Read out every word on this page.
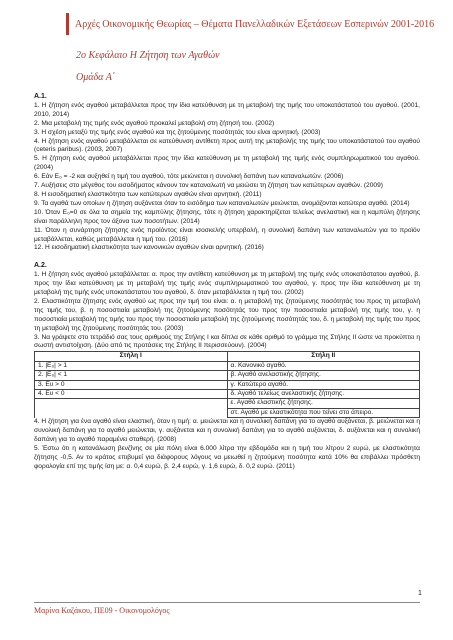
Αρχές Οικονομικής Θεωρίας – Θέματα Πανελλαδικών Εξετάσεων Εσπερινών 2001-2016
2ο Κεφάλαιο Η Ζήτηση των Αγαθών
Ομάδα Α΄

Α.1.

1. Η ζήτηση ενός αγαθού μεταβάλλεται προς την ίδια κατεύθυνση με τη μεταβολή της τιμής του υποκατάστατού του αγαθού. (2001, 2010, 2014)

2. Μια μεταβολή της τιμής ενός αγαθού προκαλεί μεταβολή στη ζήτησή του. (2002)

3. Η σχέση μεταξύ της τιμής ενός αγαθού και της ζητούμενης ποσότητάς του είναι αρνητική. (2003)

4. Η ζήτηση ενός αγαθού μεταβάλλεται σε κατεύθυνση αντίθετη προς αυτή της μεταβολής της τιμής του υποκατάστατού του αγαθού (ceteris paribus). (2003, 2007)

5. Η ζήτηση ενός αγαθού μεταβάλλεται προς την ίδια κατεύθυνση με τη μεταβολή της τιμής ενός συμπληρωματικού του αγαθού. (2004)

6. Εάν Ε₀ = -2 και αυξηθεί η τιμή του αγαθού, τότε μειώνεται η συνολική δαπάνη των καταναλωτών. (2006)

7. Αυξήσεις στο μέγεθος του εισοδήματος κάνουν τον καταναλωτή να μειώσει τη ζήτηση των κατώτερων αγαθών. (2009)

8. Η εισοδηματική ελαστικότητα των κατώτερων αγαθών είναι αρνητική. (2011)

9. Τα αγαθά των οποίων η ζήτηση αυξάνεται όταν το εισόδημα των καταναλωτών μειώνεται, ονομάζονται κατώτερα αγαθά. (2014)

10. Όταν Ε₀=0 σε όλα τα σημεία της καμπύλης ζήτησης, τότε η ζήτηση χαρακτηρίζεται τελείως ανελαστική και η καμπύλη ζήτησης είναι παράλληλη προς τον άξονα των ποσοτήτων. (2014)

11. Όταν η συνάρτηση ζήτησης ενός προϊόντος είναι ισοσκελής υπερβολή, η συνολική δαπάνη των καταναλωτών για το προϊόν μεταβάλλεται, καθώς μεταβάλλεται η τιμή του. (2016)

12. Η εισοδηματική ελαστικότητα των κανονικών αγαθών είναι αρνητική. (2016)

Α.2.

1. Η ζήτηση ενός αγαθού μεταβάλλεται: α. προς την αντίθετη κατεύθυνση με τη μεταβολή της τιμής ενός υποκατάστατου αγαθού, β. προς την ίδια κατεύθυνση με τη μεταβολή της τιμής ενός συμπληρωματικού του αγαθού, γ. προς την ίδια κατεύθυνση με τη μεταβολή της τιμής ενός υποκατάστατου του αγαθού, δ. όταν μεταβάλλεται η τιμή του. (2002)

2. Ελαστικότητα ζήτησης ενός αγαθού ως προς την τιμή του είναι: α. η μεταβολή της ζητούμενης ποσότητάς του προς τη μεταβολή της τιμής του, β. η ποσοστιαία μεταβολή της ζητούμενης ποσότητάς του προς την ποσοστιαία μεταβολή της τιμής του, γ. η ποσοστιαία μεταβολή της τιμής του προς την ποσοστιαία μεταβολή της ζητούμενης ποσότητάς του, δ. η μεταβολή της τιμής του προς τη μεταβολή της ζητούμενης ποσότητάς του. (2003)

3. Να γράψετε στο τετράδιό σας τους αριθμούς της Στήλης Ι και δίπλα σε κάθε αριθμό το γράμμα της Στήλης ΙΙ ώστε να προκύπτει η σωστή αντιστοίχιση. (Δύο από τις προτάσεις της Στήλης ΙΙ περισσεύουν). (2004)

Στήλη Ι	Στήλη ΙΙ
1. |Ε₀| > 1	α. Κανονικό αγαθό.
2. |Ε₀| < 1	β. Αγαθό ανελαστικής ζήτησης.
3. Ευ > 0	γ. Κατώτερο αγαθό.
4. Ευ < 0	δ. Αγαθό τελείως ανελαστικής ζήτησης.
	ε. Αγαθό ελαστικής ζήτησης.
	στ. Αγαθό με ελαστικότητα που τείνει στο άπειρο.

4. Η ζήτηση για ένα αγαθό είναι ελαστική, όταν η τιμή: α. μειώνεται και η συνολική δαπάνη για το αγαθό αυξάνεται, β. μειώνεται και η συνολική δαπάνη για το αγαθό μειώνεται, γ. αυξάνεται και η συνολική δαπάνη για το αγαθό αυξάνεται, δ. αυξάνεται και η συνολική δαπάνη για το αγαθό παραμένει σταθερή. (2008)

5. Έστω ότι η κατανάλωση βενζίνης σε μία πόλη είναι 6.000 λίτρα την εβδομάδα και η τιμή του λίτρου 2 ευρώ, με ελαστικότητα ζήτησης -0,5. Αν το κράτος επιβυμεί για διάφορους λόγους να μειωθεί η ζητούμενη ποσότητα κατά 10% θα επιβάλλει πρόσθετη φορολογία επί της τιμής ίση με: α. 0,4 ευρώ, β. 2,4 ευρώ, γ. 1,6 ευρώ, δ. 0,2 ευρώ. (2011)

1
Μαρίνα Καζάκου, ΠΕ09 - Οικονομολόγος
